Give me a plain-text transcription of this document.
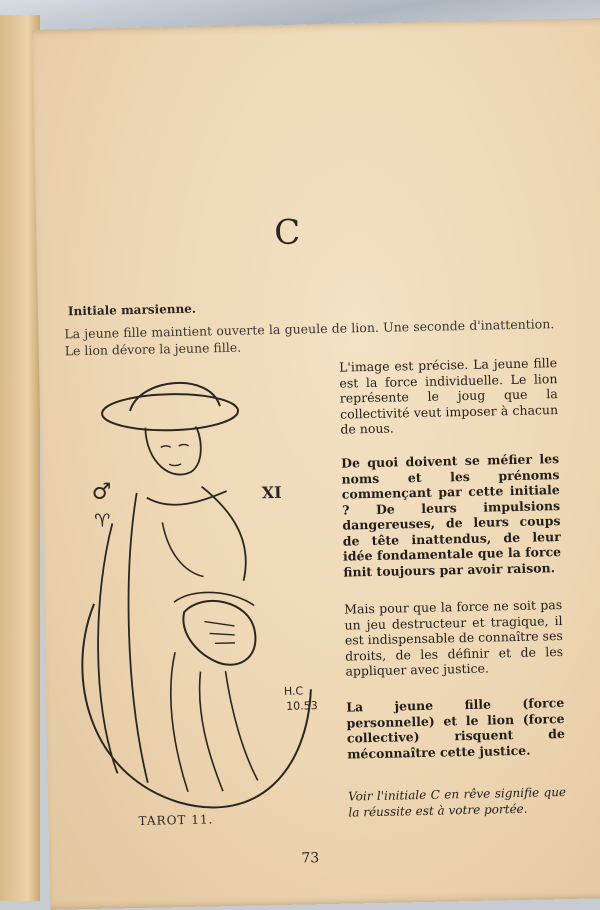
C
Initiale marsienne.
La jeune fille maintient ouverte la gueule de lion. Une seconde d'inattention. Le lion dévore la jeune fille.
L'image est précise. La jeune fille est la force individuelle. Le lion représente le joug que la collectivité veut imposer à chacun de nous.
De quoi doivent se méfier les noms et les prénoms commençant par cette initiale ? De leurs impulsions dangereuses, de leurs coups de tête inattendus, de leur idée fondamentale que la force finit toujours par avoir raison.
Mais pour que la force ne soit pas un jeu destructeur et tragique, il est indispensable de connaître ses droits, de les définir et de les appliquer avec justice.
La jeune fille (force personnelle) et le lion (force collective) risquent de méconnaître cette justice.
Voir l'initiale C en rêve signifie que la réussite est à votre portée.
♂
♈
XI
H.C
10.53
TAROT 11.
73
